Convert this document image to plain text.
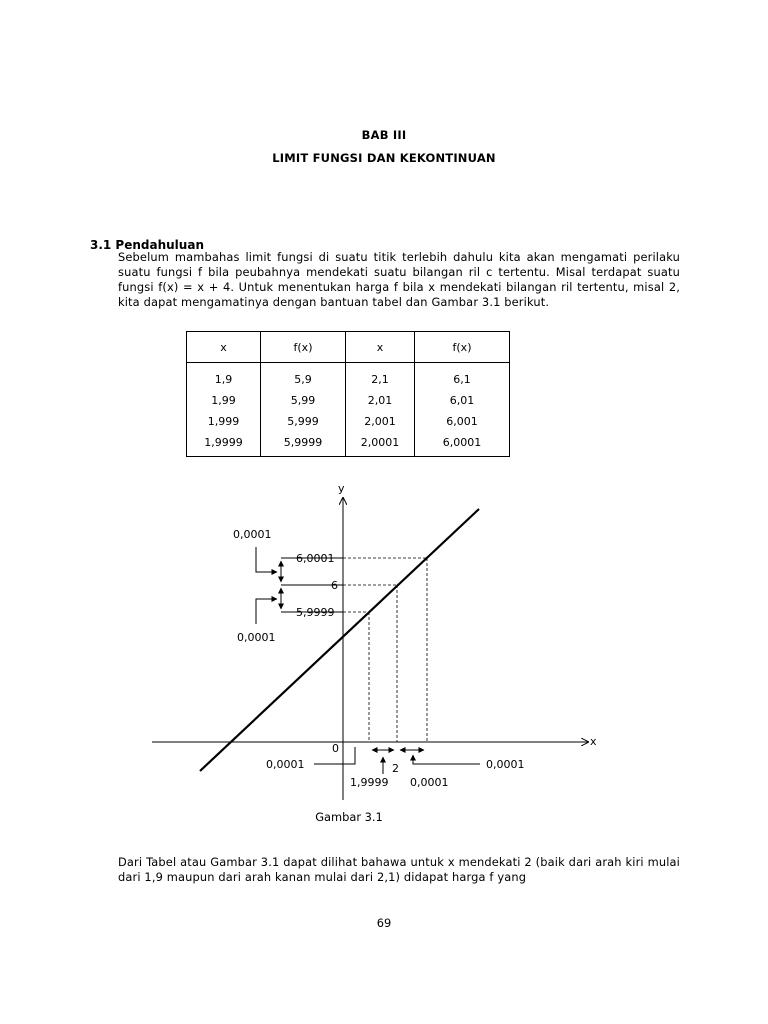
BAB III
LIMIT FUNGSI DAN KEKONTINUAN
3.1 Pendahuluan
Sebelum mambahas limit fungsi di suatu titik terlebih dahulu kita akan mengamati perilaku suatu fungsi f bila peubahnya mendekati suatu bilangan ril c tertentu. Misal terdapat suatu fungsi f(x) = x + 4. Untuk menentukan harga f bila x mendekati bilangan ril tertentu, misal 2, kita dapat mengamatinya dengan bantuan tabel dan Gambar 3.1 berikut.
x	f(x)	x	f(x)
1,9	5,9	2,1	6,1
1,99	5,99	2,01	6,01
1,999	5,999	2,001	6,001
1,9999	5,9999	2,0001	6,0001
y
x
0
6,0001
6
5,9999
0,0001
0,0001
0,0001	2
1,9999 0,0001
0,0001
Gambar 3.1
Dari Tabel atau Gambar 3.1 dapat dilihat bahawa untuk x mendekati 2 (baik dari arah kiri mulai dari 1,9 maupun dari arah kanan mulai dari 2,1) didapat harga f yang
69
